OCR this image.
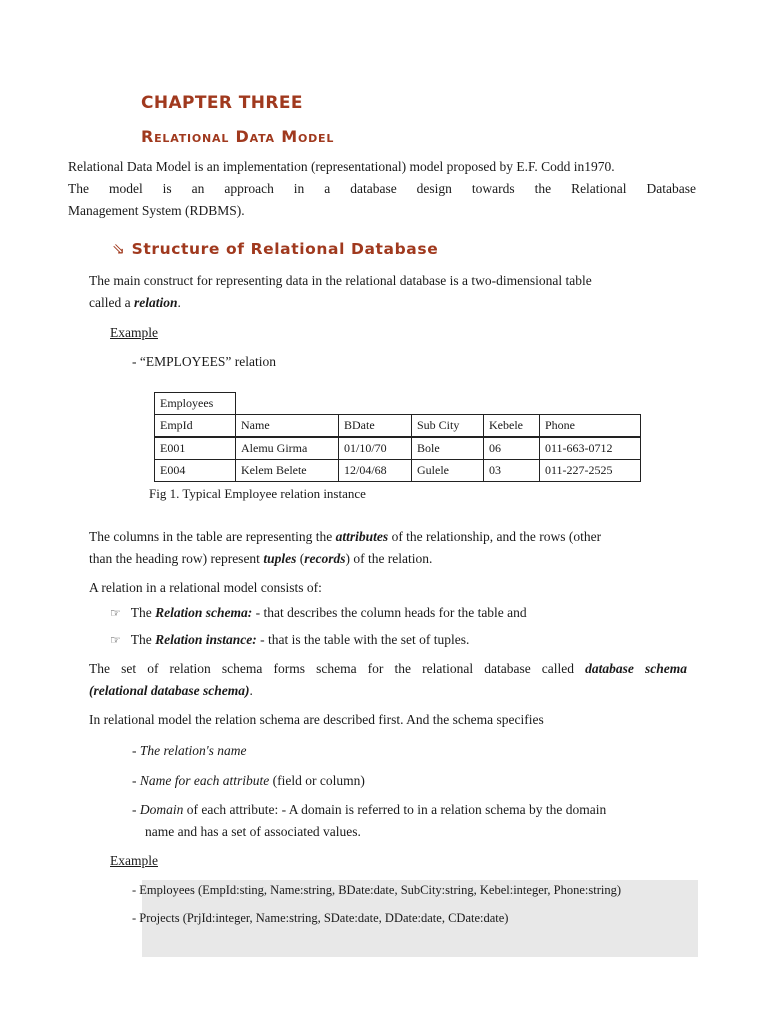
CHAPTER THREE
Relational Data Model
Relational Data Model is an implementation (representational) model proposed by E.F. Codd in1970.
The model is an approach in a database design towards the Relational Database
Management System (RDBMS).
⇘ Structure of Relational Database
The main construct for representing data in the relational database is a two-dimensional table
called a relation.
Example
- “EMPLOYEES” relation
Employees					
EmpId	Name	BDate	Sub City	Kebele	Phone
E001	Alemu Girma	01/10/70	Bole	06	011-663-0712
E004	Kelem Belete	12/04/68	Gulele	03	011-227-2525
Fig 1. Typical Employee relation instance
The columns in the table are representing the attributes of the relationship, and the rows (other
than the heading row) represent tuples (records) of the relation.
A relation in a relational model consists of:
☞ The Relation schema: - that describes the column heads for the table and
☞ The Relation instance: - that is the table with the set of tuples.
The set of relation schema forms schema for the relational database called database schema
(relational database schema).
In relational model the relation schema are described first. And the schema specifies
- The relation's name
- Name for each attribute (field or column)
- Domain of each attribute: - A domain is referred to in a relation schema by the domain
name and has a set of associated values.
Example
- Employees (EmpId:sting, Name:string, BDate:date, SubCity:string, Kebel:integer, Phone:string)
- Projects (PrjId:integer, Name:string, SDate:date, DDate:date, CDate:date)
